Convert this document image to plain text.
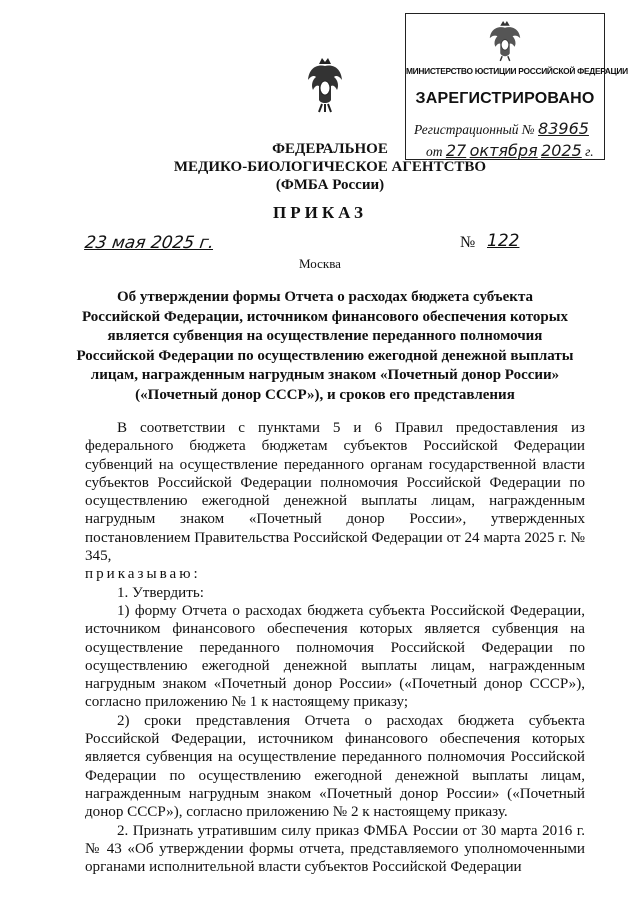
МИНИСТЕРСТВО ЮСТИЦИИ РОССИЙСКОЙ ФЕДЕРАЦИИ
ЗАРЕГИСТРИРОВАНО
Регистрационный № 83965
от 27 октября 2025 г.
ФЕДЕРАЛЬНОЕ
МЕДИКО-БИОЛОГИЧЕСКОЕ АГЕНТСТВО
(ФМБА России)
ПРИКАЗ
23 мая 2025 г.	№ 122
Москва
Об утверждении формы Отчета о расходах бюджета субъекта
Российской Федерации, источником финансового обеспечения которых
является субвенция на осуществление переданного полномочия
Российской Федерации по осуществлению ежегодной денежной выплаты
лицам, награжденным нагрудным знаком «Почетный донор России»
(«Почетный донор СССР»), и сроков его представления

В соответствии с пунктами 5 и 6 Правил предоставления из федерального бюджета бюджетам субъектов Российской Федерации субвенций на осуществление переданного органам государственной власти субъектов Российской Федерации полномочия Российской Федерации по осуществлению ежегодной денежной выплаты лицам, награжденным нагрудным знаком «Почетный донор России», утвержденных постановлением Правительства Российской Федерации от 24 марта 2025 г. № 345,

приказываю:

1. Утвердить:

1) форму Отчета о расходах бюджета субъекта Российской Федерации, источником финансового обеспечения которых является субвенция на осуществление переданного полномочия Российской Федерации по осуществлению ежегодной денежной выплаты лицам, награжденным нагрудным знаком «Почетный донор России» («Почетный донор СССР»), согласно приложению № 1 к настоящему приказу;

2) сроки представления Отчета о расходах бюджета субъекта Российской Федерации, источником финансового обеспечения которых является субвенция на осуществление переданного полномочия Российской Федерации по осуществлению ежегодной денежной выплаты лицам, награжденным нагрудным знаком «Почетный донор России» («Почетный донор СССР»), согласно приложению № 2 к настоящему приказу.

2. Признать утратившим силу приказ ФМБА России от 30 марта 2016 г. № 43 «Об утверждении формы отчета, представляемого уполномоченными органами исполнительной власти субъектов Российской Федерации
